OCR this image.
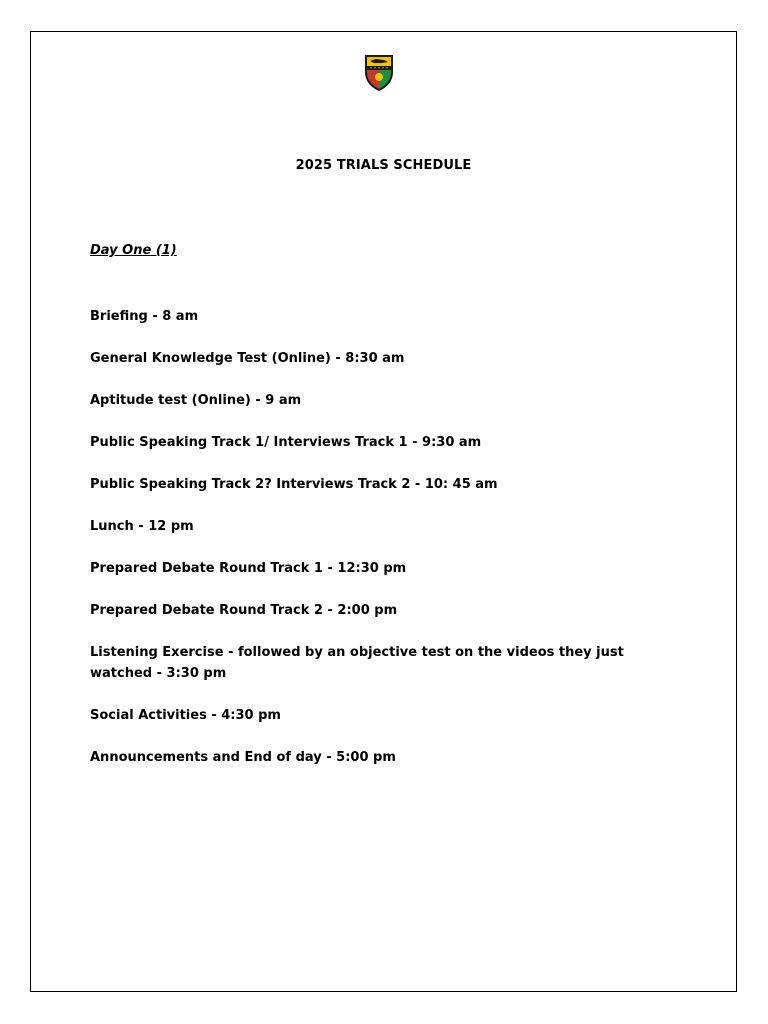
2025 TRIALS SCHEDULE
Day One (1)
Briefing - 8 am
General Knowledge Test (Online) - 8:30 am
Aptitude test (Online) - 9 am
Public Speaking Track 1/ Interviews Track 1 - 9:30 am
Public Speaking Track 2? Interviews Track 2 - 10: 45 am
Lunch - 12 pm
Prepared Debate Round Track 1 - 12:30 pm
Prepared Debate Round Track 2 - 2:00 pm
Listening Exercise - followed by an objective test on the videos they just watched - 3:30 pm
Social Activities - 4:30 pm
Announcements and End of day - 5:00 pm
